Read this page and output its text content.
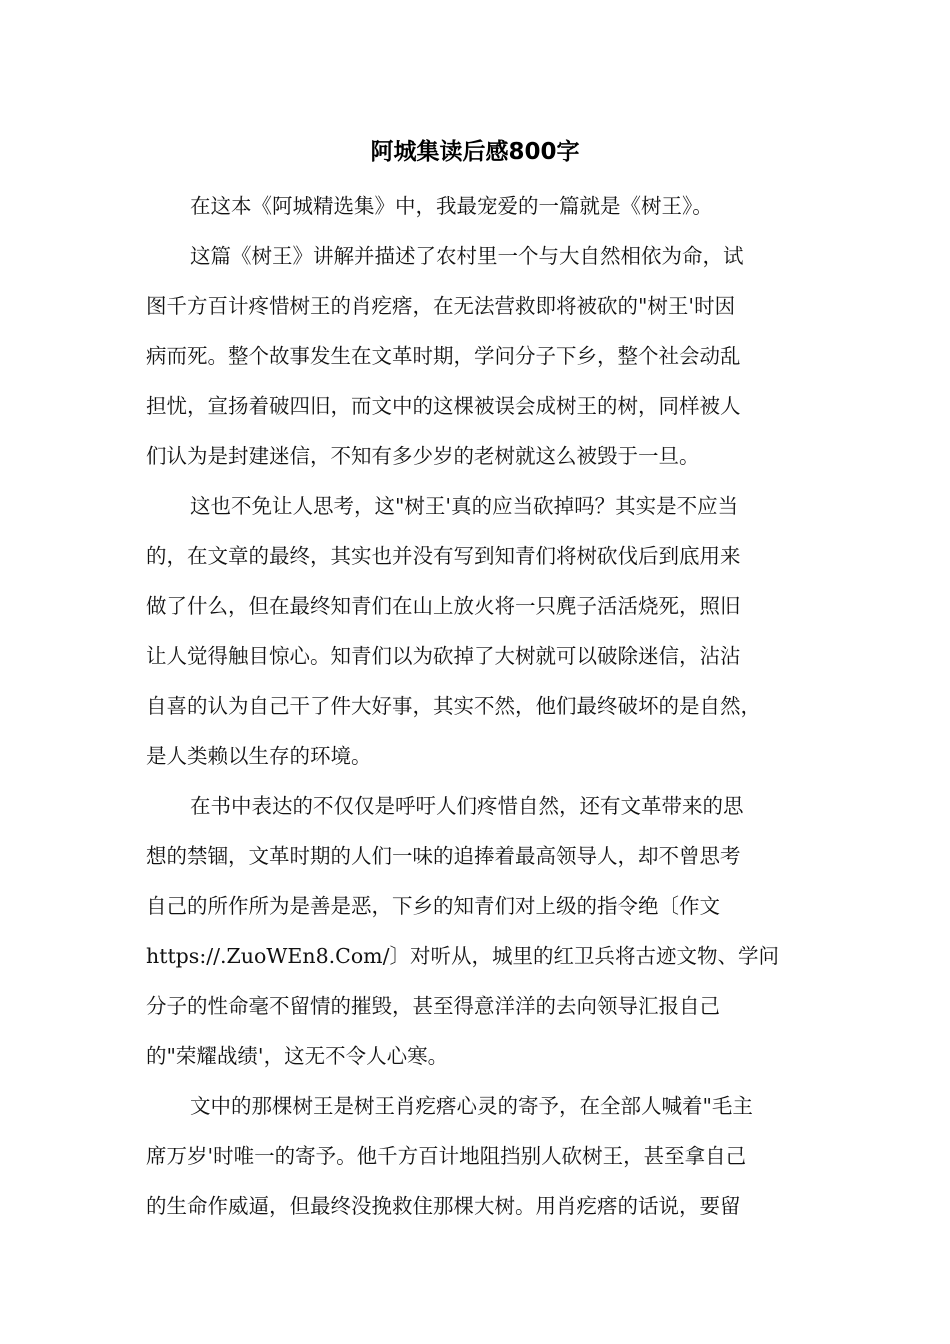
阿城集读后感800字

在这本《阿城精选集》中，我最宠爱的一篇就是《树王》。

这篇《树王》讲解并描述了农村里一个与大自然相依为命，试
图千方百计疼惜树王的肖疙瘩，在无法营救即将被砍的"树王'时因
病而死。整个故事发生在文革时期，学问分子下乡，整个社会动乱
担忧，宣扬着破四旧，而文中的这棵被误会成树王的树，同样被人
们认为是封建迷信，不知有多少岁的老树就这么被毁于一旦。

这也不免让人思考，这"树王'真的应当砍掉吗？其实是不应当
的，在文章的最终，其实也并没有写到知青们将树砍伐后到底用来
做了什么，但在最终知青们在山上放火将一只麂子活活烧死，照旧
让人觉得触目惊心。知青们以为砍掉了大树就可以破除迷信，沾沾
自喜的认为自己干了件大好事，其实不然，他们最终破坏的是自然，
是人类赖以生存的环境。

在书中表达的不仅仅是呼吁人们疼惜自然，还有文革带来的思
想的禁锢，文革时期的人们一味的追捧着最高领导人，却不曾思考
自己的所作所为是善是恶，下乡的知青们对上级的指令绝〔作文
https://.ZuoWEn8.Com/〕对听从，城里的红卫兵将古迹文物、学问
分子的性命毫不留情的摧毁，甚至得意洋洋的去向领导汇报自己
的"荣耀战绩'，这无不令人心寒。

文中的那棵树王是树王肖疙瘩心灵的寄予，在全部人喊着"毛主
席万岁'时唯一的寄予。他千方百计地阻挡别人砍树王，甚至拿自己
的生命作威逼，但最终没挽救住那棵大树。用肖疙瘩的话说，要留
